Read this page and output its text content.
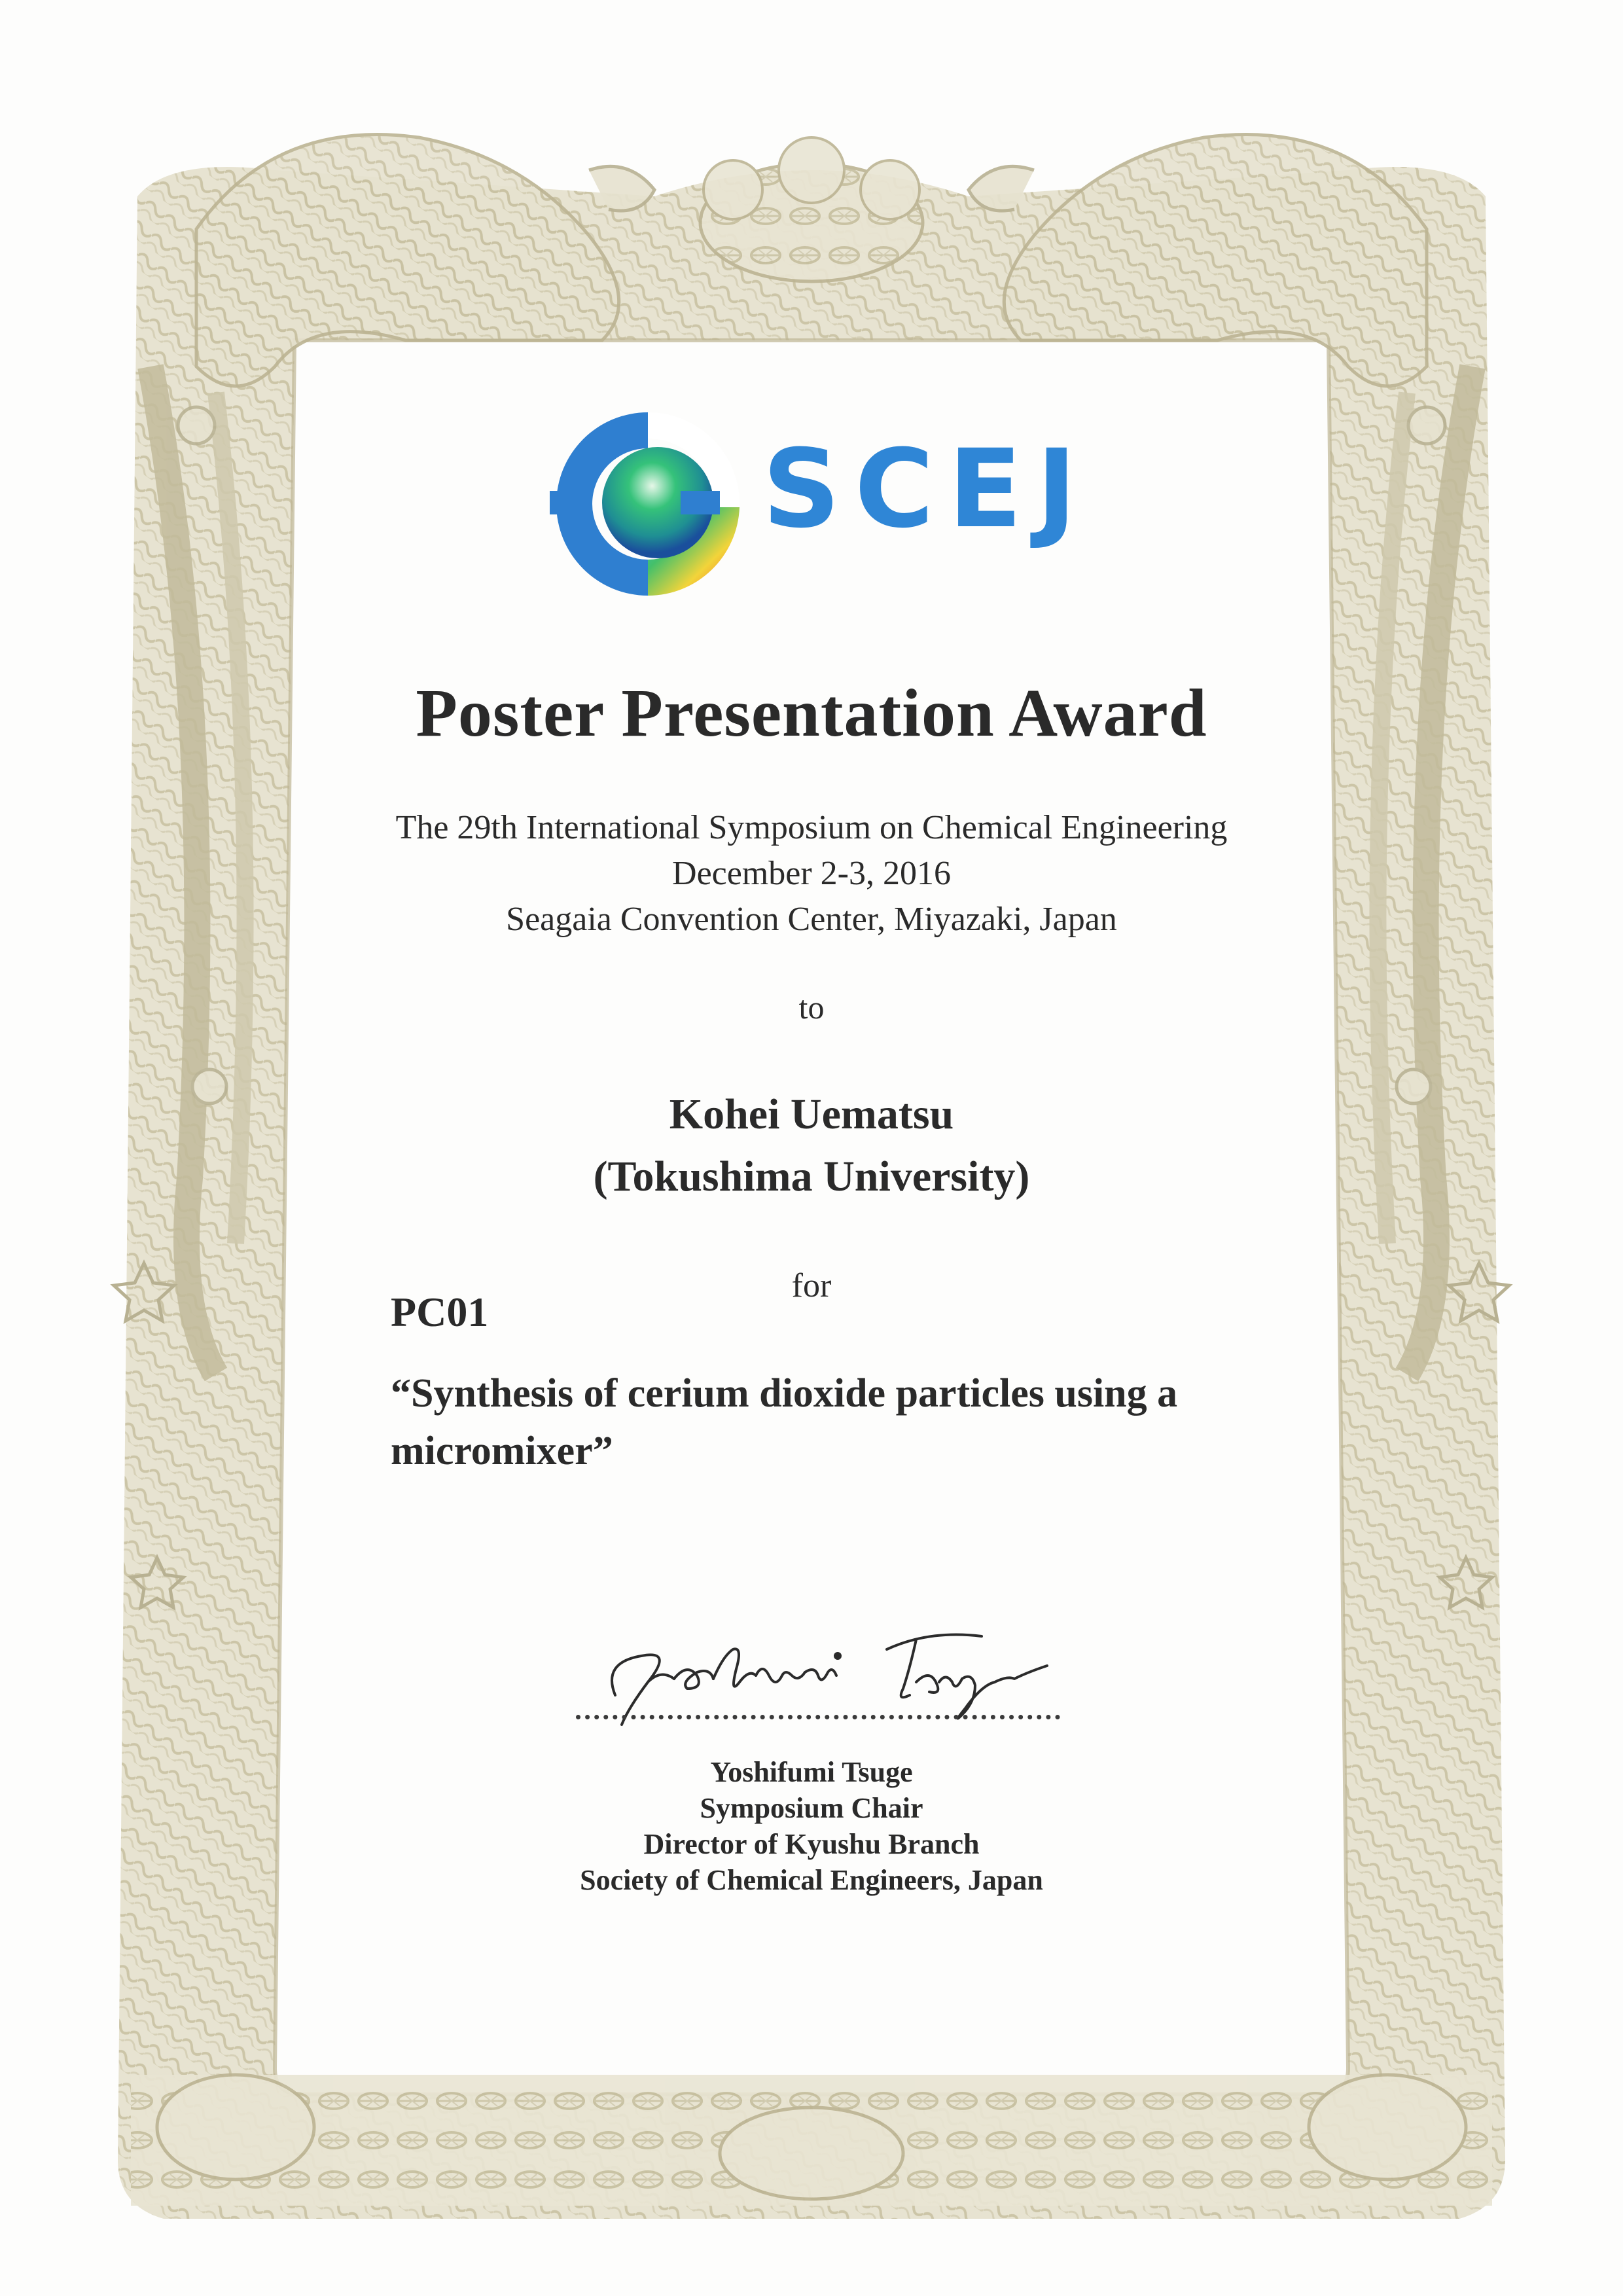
SCEJ
Poster Presentation Award
The 29th International Symposium on Chemical Engineering
December 2-3, 2016
Seagaia Convention Center, Miyazaki, Japan
to
Kohei Uematsu
(Tokushima University)
for
PC01
“Synthesis of cerium dioxide particles using a micromixer”
Yoshifumi Tsuge
Symposium Chair
Director of Kyushu Branch
Society of Chemical Engineers, Japan
